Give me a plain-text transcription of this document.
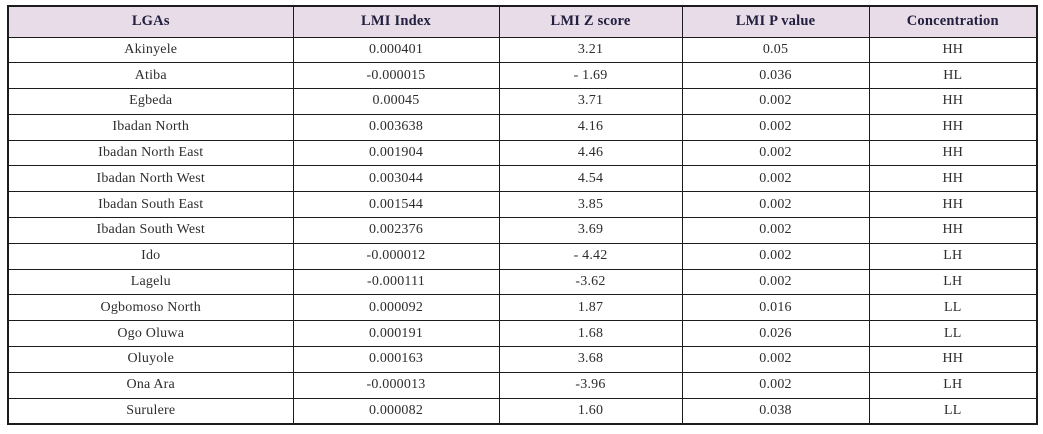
LGAs	LMI Index	LMI Z score	LMI P value	Concentration
Akinyele	0.000401	3.21	0.05	HH
Atiba	-0.000015	- 1.69	0.036	HL
Egbeda	0.00045	3.71	0.002	HH
Ibadan North	0.003638	4.16	0.002	HH
Ibadan North East	0.001904	4.46	0.002	HH
Ibadan North West	0.003044	4.54	0.002	HH
Ibadan South East	0.001544	3.85	0.002	HH
Ibadan South West	0.002376	3.69	0.002	HH
Ido	-0.000012	- 4.42	0.002	LH
Lagelu	-0.000111	-3.62	0.002	LH
Ogbomoso North	0.000092	1.87	0.016	LL
Ogo Oluwa	0.000191	1.68	0.026	LL
Oluyole	0.000163	3.68	0.002	HH
Ona Ara	-0.000013	-3.96	0.002	LH
Surulere	0.000082	1.60	0.038	LL
